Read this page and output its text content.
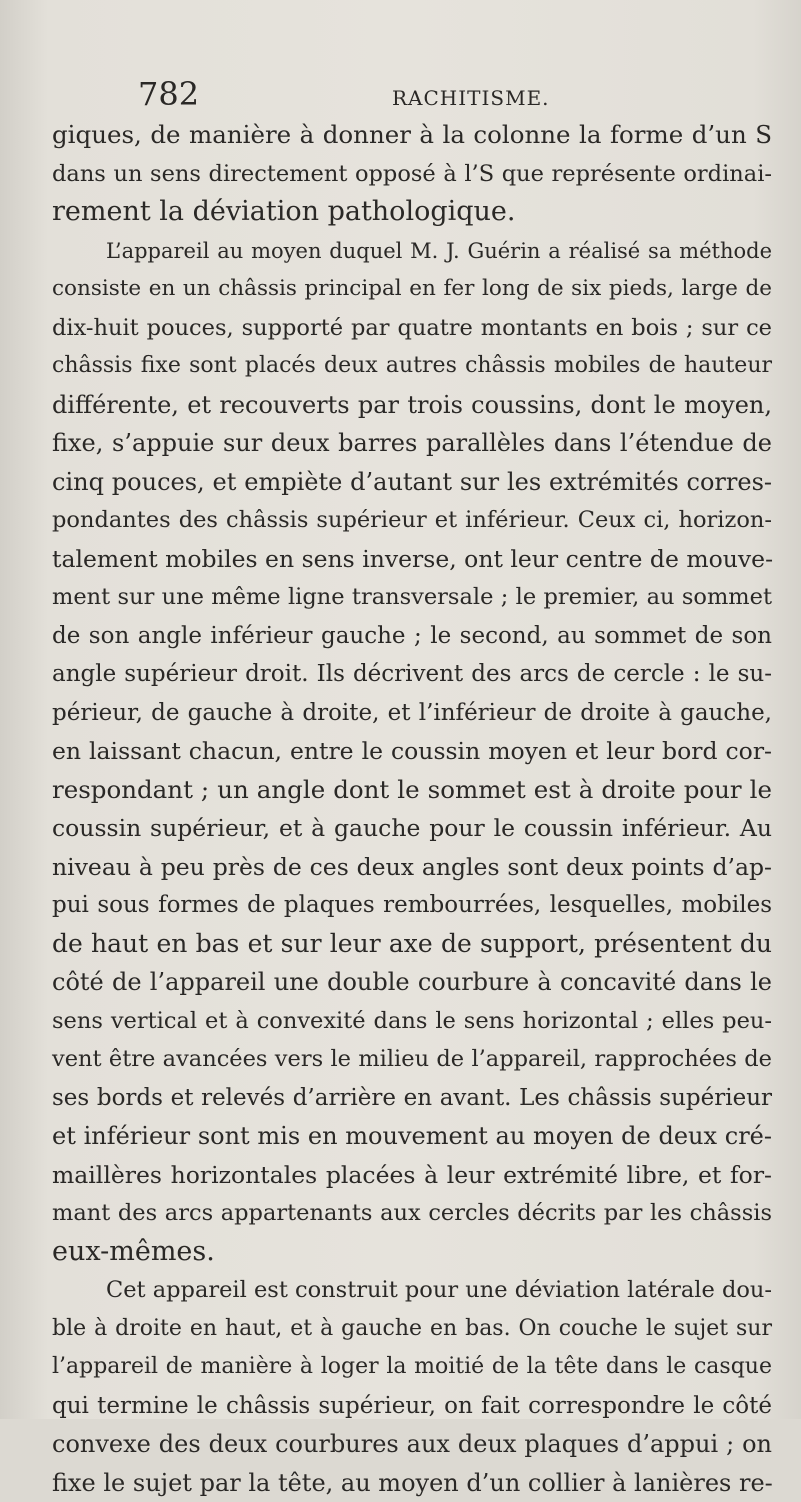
782	RACHITISME.
giques, de manière à donner à la colonne la forme d’un S
dans un sens directement opposé à l’S que représente ordinai-
rement la déviation pathologique.
L’appareil au moyen duquel M. J. Guérin a réalisé sa méthode
consiste en un châssis principal en fer long de six pieds, large de
dix-huit pouces, supporté par quatre montants en bois ; sur ce
châssis fixe sont placés deux autres châssis mobiles de hauteur
différente, et recouverts par trois coussins, dont le moyen,
fixe, s’appuie sur deux barres parallèles dans l’étendue de
cinq pouces, et empiète d’autant sur les extrémités corres-
pondantes des châssis supérieur et inférieur. Ceux ci, horizon-
talement mobiles en sens inverse, ont leur centre de mouve-
ment sur une même ligne transversale ; le premier, au sommet
de son angle inférieur gauche ; le second, au sommet de son
angle supérieur droit. Ils décrivent des arcs de cercle : le su-
périeur, de gauche à droite, et l’inférieur de droite à gauche,
en laissant chacun, entre le coussin moyen et leur bord cor-
respondant ; un angle dont le sommet est à droite pour le
coussin supérieur, et à gauche pour le coussin inférieur. Au
niveau à peu près de ces deux angles sont deux points d’ap-
pui sous formes de plaques rembourrées, lesquelles, mobiles
de haut en bas et sur leur axe de support, présentent du
côté de l’appareil une double courbure à concavité dans le
sens vertical et à convexité dans le sens horizontal ; elles peu-
vent être avancées vers le milieu de l’appareil, rapprochées de
ses bords et relevés d’arrière en avant. Les châssis supérieur
et inférieur sont mis en mouvement au moyen de deux cré-
maillères horizontales placées à leur extrémité libre, et for-
mant des arcs appartenants aux cercles décrits par les châssis
eux-mêmes.
Cet appareil est construit pour une déviation latérale dou-
ble à droite en haut, et à gauche en bas. On couche le sujet sur
l’appareil de manière à loger la moitié de la tête dans le casque
qui termine le châssis supérieur, on fait correspondre le côté
convexe des deux courbures aux deux plaques d’appui ; on
fixe le sujet par la tête, au moyen d’un collier à lanières re-
